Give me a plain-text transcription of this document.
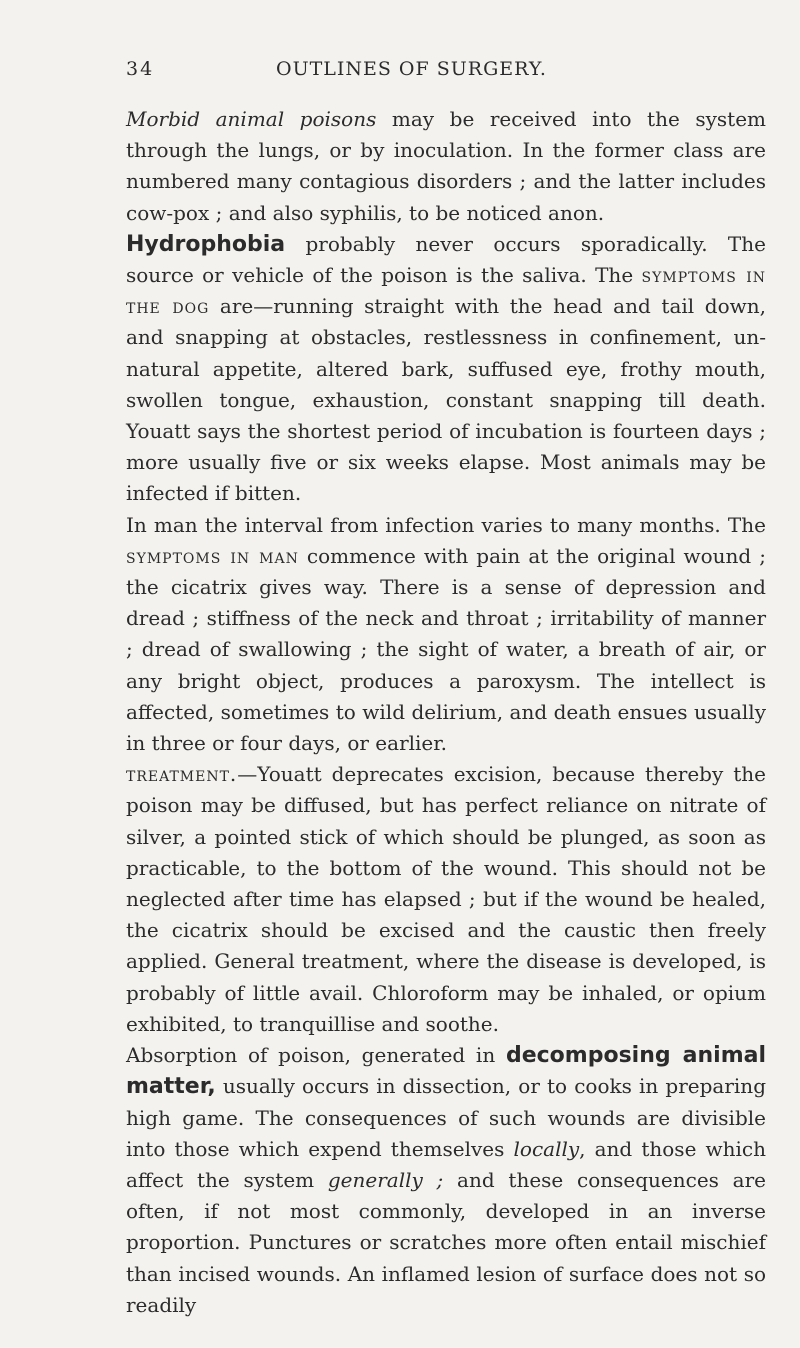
34	OUTLINES OF SURGERY.

Morbid animal poisons may be received into the system through the lungs, or by inoculation. In the former class are numbered many contagious disorders ; and the latter includes cow-pox ; and also syphilis, to be noticed anon.

Hydrophobia probably never occurs sporadically. The source or vehicle of the poison is the saliva. The symptoms in the dog are—running straight with the head and tail down, and snapping at obstacles, restlessness in confinement, un-natural appetite, altered bark, suffused eye, frothy mouth, swollen tongue, exhaustion, constant snapping till death. Youatt says the shortest period of incubation is fourteen days ; more usually five or six weeks elapse. Most animals may be infected if bitten.

In man the interval from infection varies to many months. The symptoms in man commence with pain at the original wound ; the cicatrix gives way. There is a sense of depression and dread ; stiffness of the neck and throat ; irritability of manner ; dread of swallowing ; the sight of water, a breath of air, or any bright object, produces a paroxysm. The intellect is affected, sometimes to wild delirium, and death ensues usually in three or four days, or earlier.

treatment.—Youatt deprecates excision, because thereby the poison may be diffused, but has perfect reliance on nitrate of silver, a pointed stick of which should be plunged, as soon as practicable, to the bottom of the wound. This should not be neglected after time has elapsed ; but if the wound be healed, the cicatrix should be excised and the caustic then freely applied. General treatment, where the disease is developed, is probably of little avail. Chloroform may be inhaled, or opium exhibited, to tranquillise and soothe.

Absorption of poison, generated in decomposing animal matter, usually occurs in dissection, or to cooks in preparing high game. The consequences of such wounds are divisible into those which expend themselves locally, and those which affect the system generally ; and these consequences are often, if not most commonly, developed in an inverse proportion. Punctures or scratches more often entail mischief than incised wounds. An inflamed lesion of surface does not so readily
